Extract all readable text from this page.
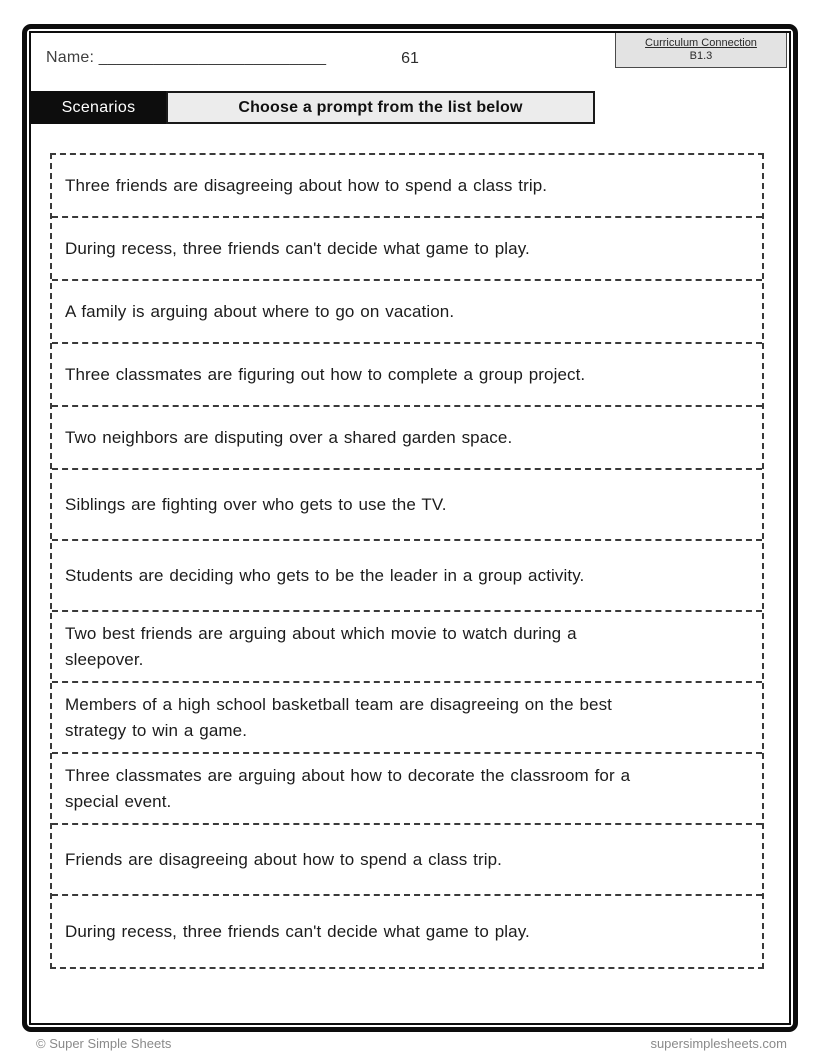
Name: _________________________	61
Curriculum Connection
B1.3
Scenarios	Choose a prompt from the list below
Three friends are disagreeing about how to spend a class trip.
During recess, three friends can't decide what game to play.
A family is arguing about where to go on vacation.
Three classmates are figuring out how to complete a group project.
Two neighbors are disputing over a shared garden space.
Siblings are fighting over who gets to use the TV.
Students are deciding who gets to be the leader in a group activity.
Two best friends are arguing about which movie to watch during a sleepover.
Members of a high school basketball team are disagreeing on the best strategy to win a game.
Three classmates are arguing about how to decorate the classroom for a special event.
Friends are disagreeing about how to spend a class trip.
During recess, three friends can't decide what game to play.
© Super Simple Sheets	supersimplesheets.com
